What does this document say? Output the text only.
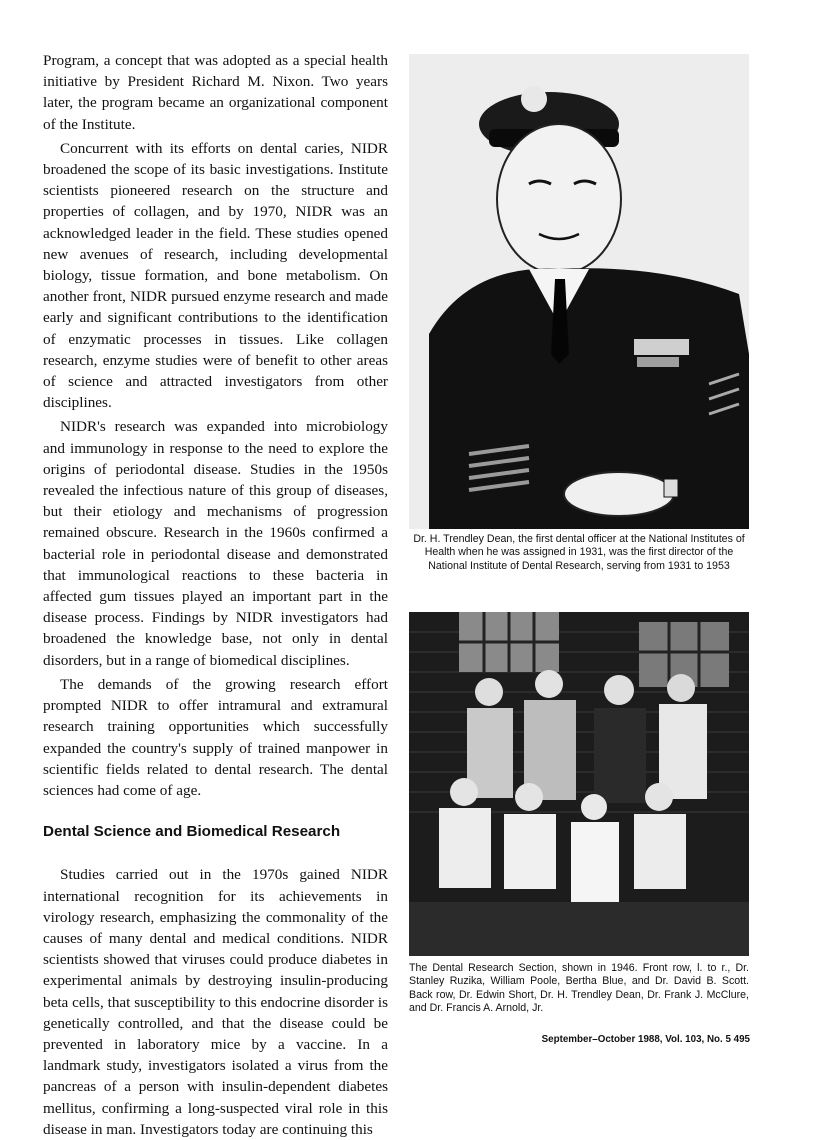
Program, a concept that was adopted as a special health initiative by President Richard M. Nixon. Two years later, the program became an organizational component of the Institute.

Concurrent with its efforts on dental caries, NIDR broadened the scope of its basic investigations. Institute scientists pioneered research on the structure and properties of collagen, and by 1970, NIDR was an acknowledged leader in the field. These studies opened new avenues of research, including developmental biology, tissue formation, and bone metabolism. On another front, NIDR pursued enzyme research and made early and significant contributions to the identification of enzymatic processes in tissues. Like collagen research, enzyme studies were of benefit to other areas of science and attracted investigators from other disciplines.

NIDR's research was expanded into microbiology and immunology in response to the need to explore the origins of periodontal disease. Studies in the 1950s revealed the infectious nature of this group of diseases, but their etiology and mechanisms of progression remained obscure. Research in the 1960s confirmed a bacterial role in periodontal disease and demonstrated that immunological reactions to these bacteria in affected gum tissues played an important part in the disease process. Findings by NIDR investigators had broadened the knowledge base, not only in dental disorders, but in a range of biomedical disciplines.

The demands of the growing research effort prompted NIDR to offer intramural and extramural research training opportunities which successfully expanded the country's supply of trained manpower in scientific fields related to dental research. The dental sciences had come of age.

Dental Science and Biomedical Research

Studies carried out in the 1970s gained NIDR international recognition for its achievements in virology research, emphasizing the commonality of the causes of many dental and medical conditions. NIDR scientists showed that viruses could produce diabetes in experimental animals by destroying insulin-producing beta cells, that susceptibility to this endocrine disorder is genetically controlled, and that the disease could be prevented in laboratory mice by a vaccine. In a landmark study, investigators isolated a virus from the pancreas of a person with insulin-dependent diabetes mellitus, confirming a long-suspected viral role in this disease in man. Investigators today are continuing this

Dr. H. Trendley Dean, the first dental officer at the National Institutes of Health when he was assigned in 1931, was the first director of the National Institute of Dental Research, serving from 1931 to 1953
The Dental Research Section, shown in 1946. Front row, l. to r., Dr. Stanley Ruzika, William Poole, Bertha Blue, and Dr. David B. Scott. Back row, Dr. Edwin Short, Dr. H. Trendley Dean, Dr. Frank J. McClure, and Dr. Francis A. Arnold, Jr.
September–October 1988, Vol. 103, No. 5 495
